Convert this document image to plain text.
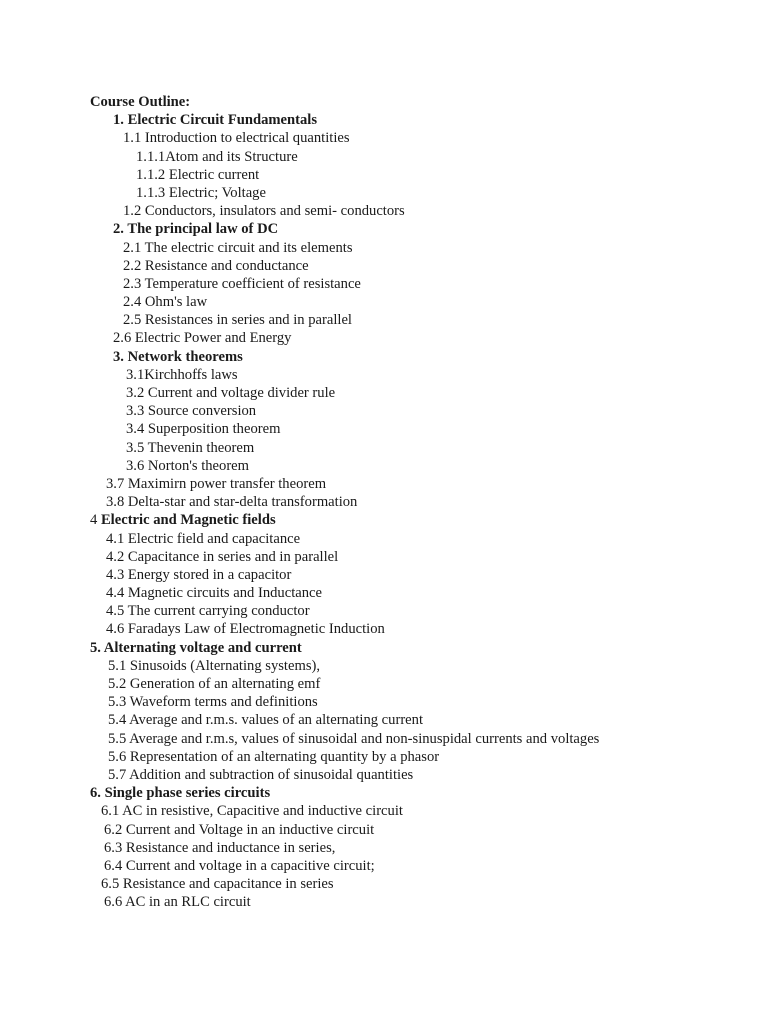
Course Outline:
1. Electric Circuit Fundamentals
1.1 Introduction to electrical quantities
1.1.1Atom and its Structure
1.1.2 Electric current
1.1.3 Electric; Voltage
1.2 Conductors, insulators and semi- conductors
2. The principal law of DC
2.1 The electric circuit and its elements
2.2 Resistance and conductance
2.3 Temperature coefficient of resistance
2.4 Ohm's law
2.5 Resistances in series and in parallel
2.6 Electric Power and Energy
3. Network theorems
3.1Kirchhoffs laws
3.2 Current and voltage divider rule
3.3 Source conversion
3.4 Superposition theorem
3.5 Thevenin theorem
3.6 Norton's theorem
3.7 Maximirn power transfer theorem
3.8 Delta-star and star-delta transformation
4 Electric and Magnetic fields
4.1 Electric field and capacitance
4.2 Capacitance in series and in parallel
4.3 Energy stored in a capacitor
4.4 Magnetic circuits and Inductance
4.5 The current carrying conductor
4.6 Faradays Law of Electromagnetic Induction
5. Alternating voltage and current
5.1 Sinusoids (Alternating systems),
5.2 Generation of an alternating emf
5.3 Waveform terms and definitions
5.4 Average and r.m.s. values of an alternating current
5.5 Average and r.m.s, values of sinusoidal and non-sinuspidal currents and voltages
5.6 Representation of an alternating quantity by a phasor
5.7 Addition and subtraction of sinusoidal quantities
6. Single phase series circuits
6.1 AC in resistive, Capacitive and inductive circuit
6.2 Current and Voltage in an inductive circuit
6.3 Resistance and inductance in series,
6.4 Current and voltage in a capacitive circuit;
6.5 Resistance and capacitance in series
6.6 AC in an RLC circuit
